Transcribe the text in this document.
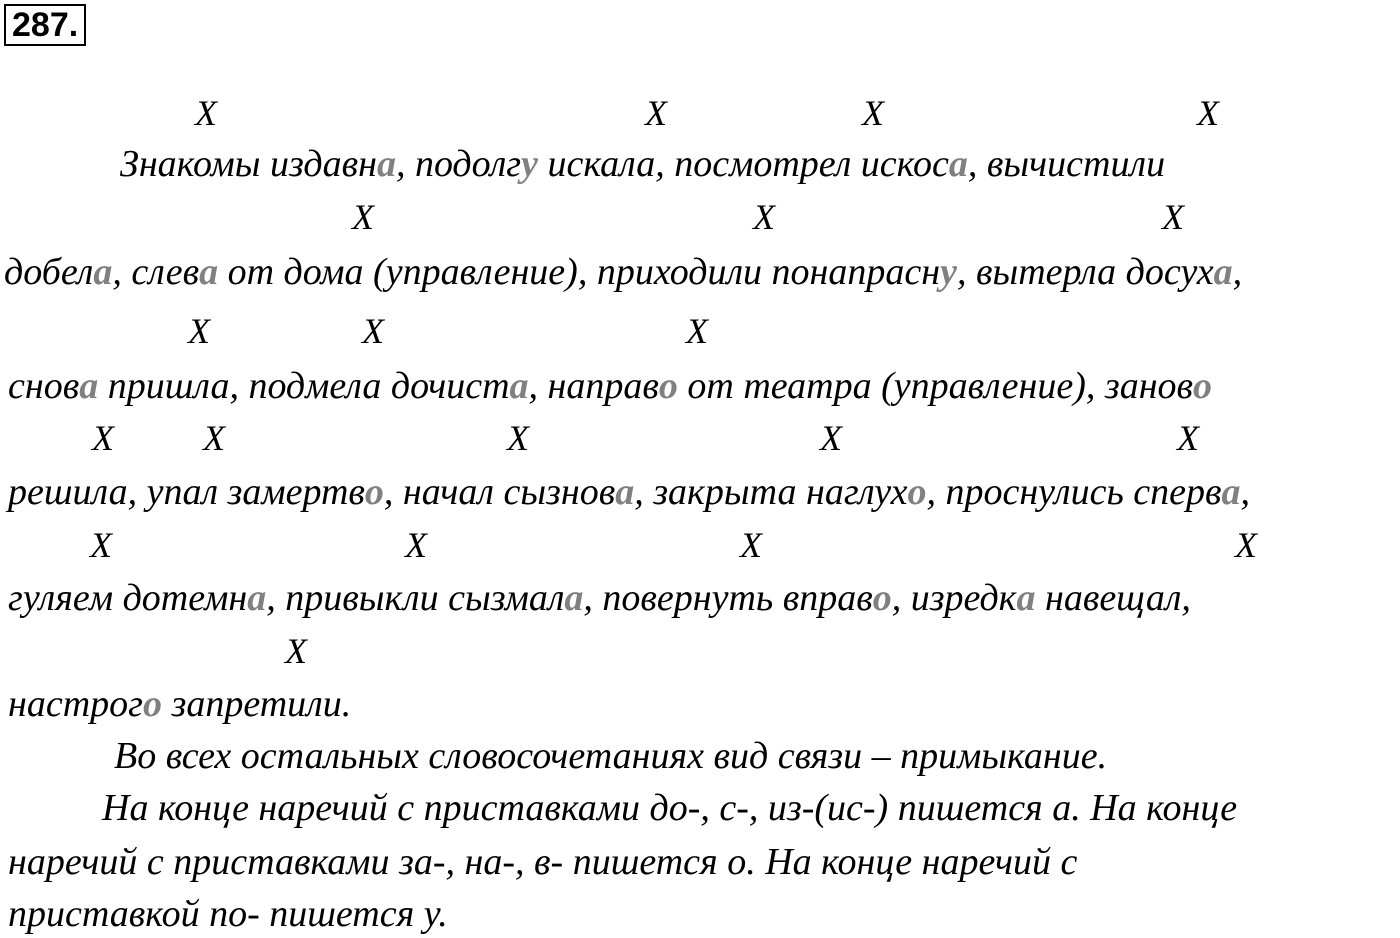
287.
X	X	X	X
X	X	X
X	X	X
X X	X	X	X
X	X	X	X
X
Знакомы издавна, подолгу искала, посмотрел искоса, вычистили
добела, слева от дома (управление), приходили понапрасну, вытерла досуха,
снова пришла, подмела дочиста, направо от театра (управление), заново
решила, упал замертво, начал сызнова, закрыта наглухо, проснулись сперва,
гуляем дотемна, привыкли сызмала, повернуть вправо, изредка навещал,
настрого запретили.
Во всех остальных словосочетаниях вид связи – примыкание.
На конце наречий с приставками до-, с-, из-(ис-) пишется а. На конце
наречий с приставками за-, на-, в- пишется о. На конце наречий с
приставкой по- пишется у.
